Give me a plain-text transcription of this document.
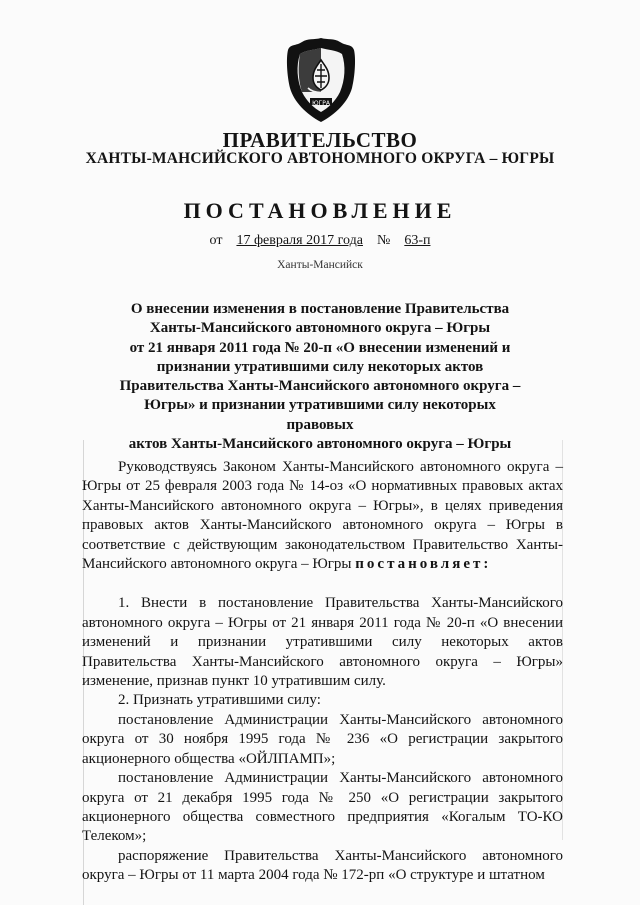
ЮГРА
ПРАВИТЕЛЬСТВО
ХАНТЫ-МАНСИЙСКОГО АВТОНОМНОГО ОКРУГА – ЮГРЫ
ПОСТАНОВЛЕНИЕ
от 17 февраля 2017 года № 63-п
Ханты-Мансийск
О внесении изменения в постановление Правительства
Ханты-Мансийского автономного округа – Югры
от 21 января 2011 года № 20-п «О внесении изменений и
признании утратившими силу некоторых актов
Правительства Ханты-Мансийского автономного округа –
Югры» и признании утратившими силу некоторых правовых
актов Ханты-Мансийского автономного округа – Югры

Руководствуясь Законом Ханты-Мансийского автономного округа – Югры от 25 февраля 2003 года № 14-оз «О нормативных правовых актах Ханты-Мансийского автономного округа – Югры», в целях приведения правовых актов Ханты-Мансийского автономного округа – Югры в соответствие с действующим законодательством Правительство Ханты-Мансийского автономного округа – Югры постановляет:

1. Внести в постановление Правительства Ханты-Мансийского автономного округа – Югры от 21 января 2011 года № 20-п «О внесении изменений и признании утратившими силу некоторых актов Правительства Ханты-Мансийского автономного округа – Югры» изменение, признав пункт 10 утратившим силу.

2. Признать утратившими силу:

постановление Администрации Ханты-Мансийского автономного округа от 30 ноября 1995 года № 236 «О регистрации закрытого акционерного общества «ОЙЛПАМП»;

постановление Администрации Ханты-Мансийского автономного округа от 21 декабря 1995 года № 250 «О регистрации закрытого акционерного общества совместного предприятия «Когалым ТО-КО Телеком»;

распоряжение Правительства Ханты-Мансийского автономного округа – Югры от 11 марта 2004 года № 172-рп «О структуре и штатном
